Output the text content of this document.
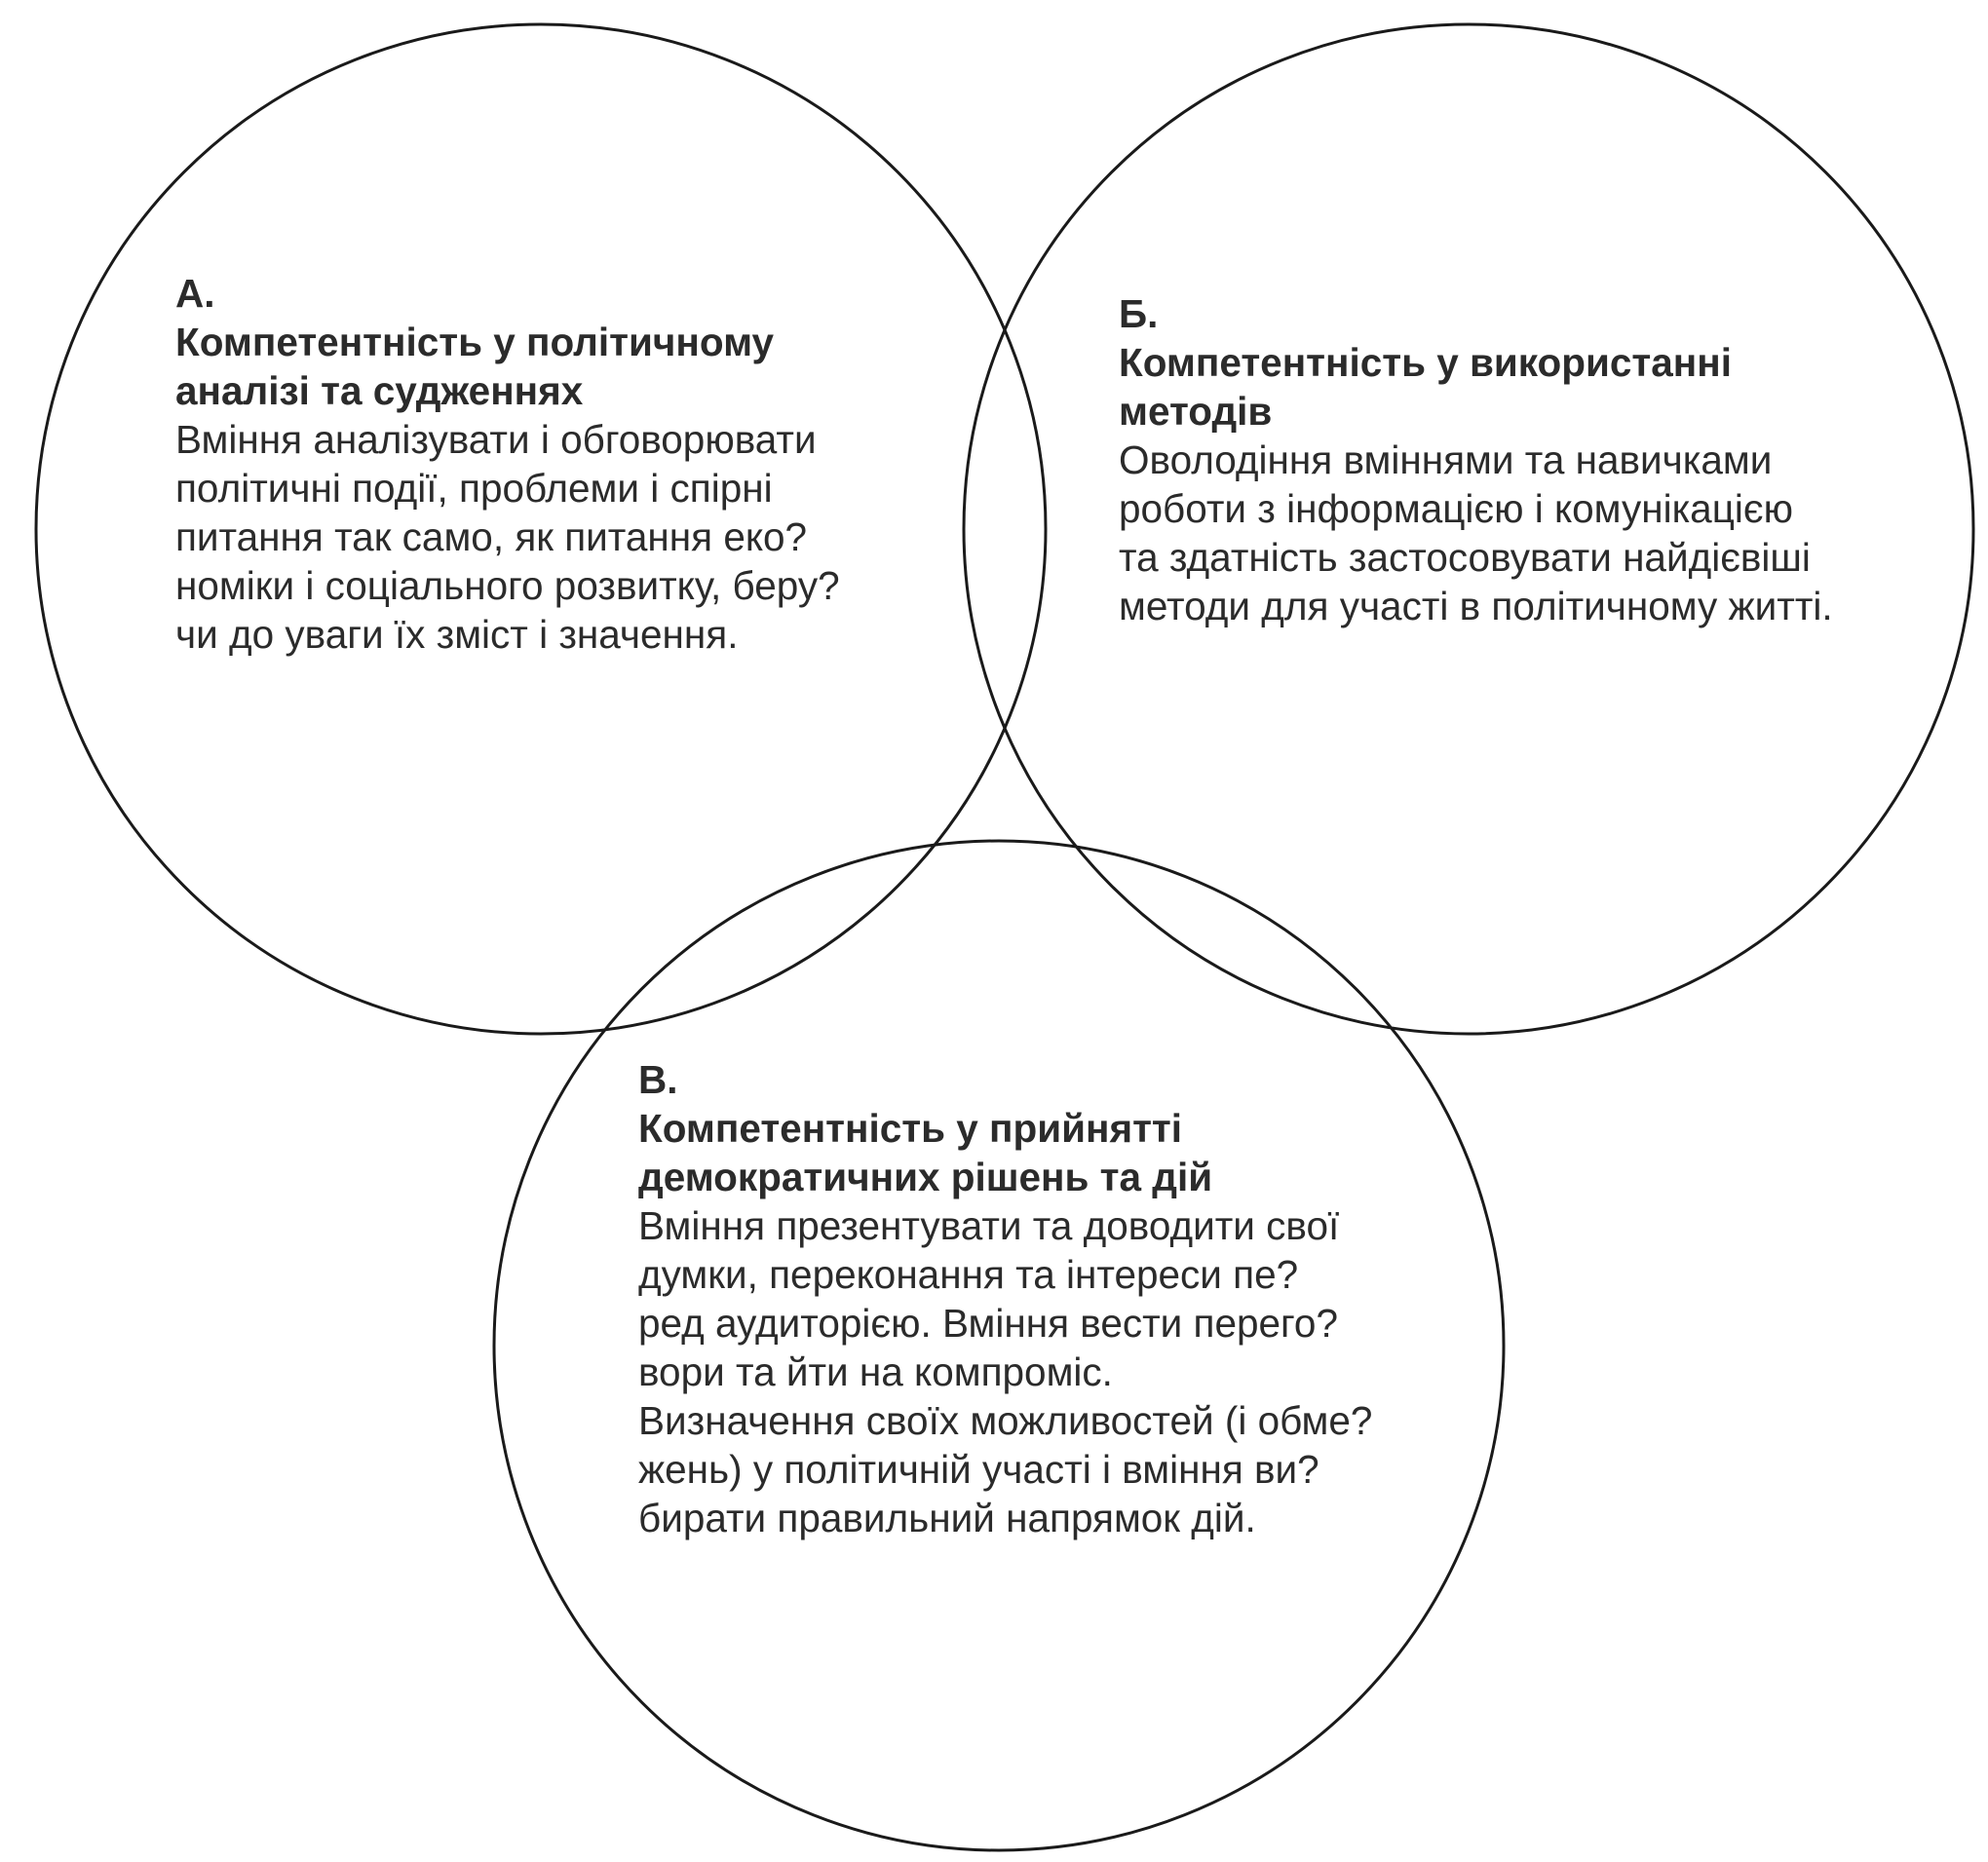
А.
Компетентність у політичному
аналізі та судженнях
Вміння аналізувати і обговорювати
політичні події, проблеми і спірні
питання так само, як питання еко?
номіки і соціального розвитку, беру?
чи до уваги їх зміст і значення.
Б.
Компетентність у використанні
методів
Оволодіння вміннями та навичками
роботи з інформацією і комунікацією
та здатність застосовувати найдієвіші
методи для участі в політичному житті.
В.
Компетентність у прийнятті
демократичних рішень та дій
Вміння презентувати та доводити свої
думки, переконання та інтереси пе?
ред аудиторією. Вміння вести перего?
вори та йти на компроміс.
Визначення своїх можливостей (і обме?
жень) у політичній участі і вміння ви?
бирати правильний напрямок дій.
